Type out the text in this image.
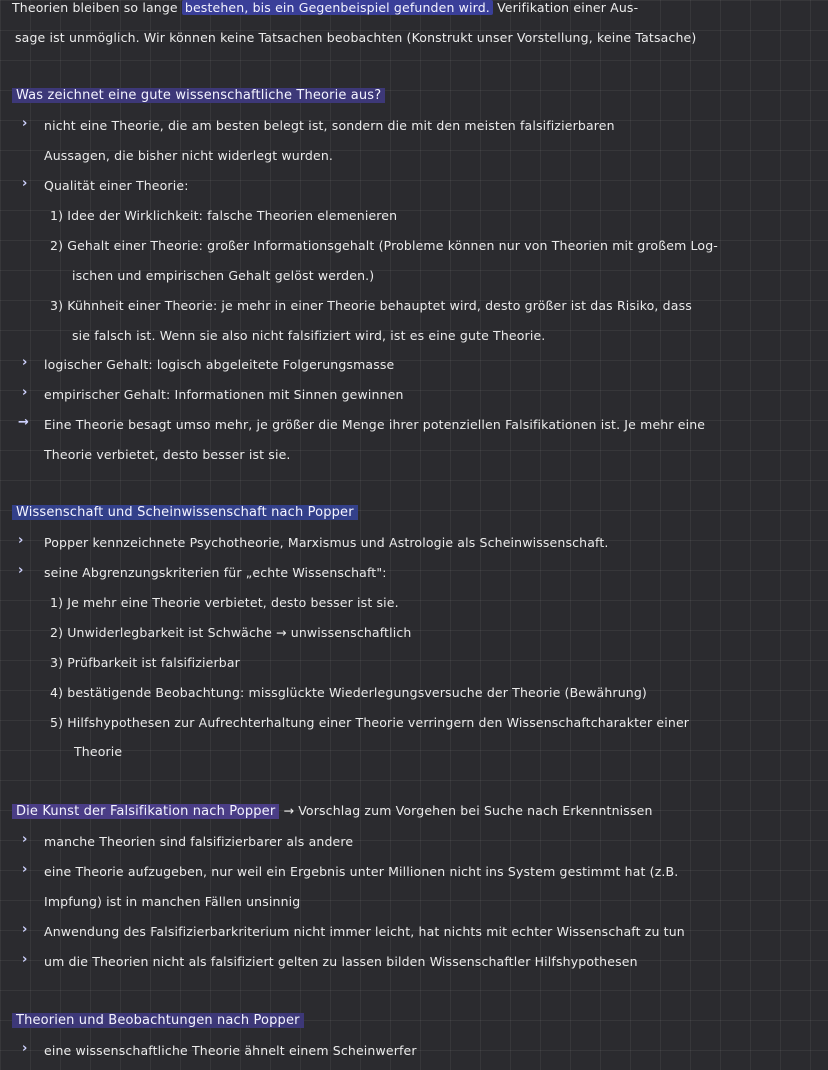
Theorien bleiben so lange bestehen, bis ein Gegenbeispiel gefunden wird. Verifikation einer Aus-
sage ist unmöglich. Wir können keine Tatsachen beobachten (Konstrukt unser Vorstellung, keine Tatsache)
Was zeichnet eine gute wissenschaftliche Theorie aus?
› nicht eine Theorie, die am besten belegt ist, sondern die mit den meisten falsifizierbaren
Aussagen, die bisher nicht widerlegt wurden.
› Qualität einer Theorie:
1) Idee der Wirklichkeit: falsche Theorien elemenieren
2) Gehalt einer Theorie: großer Informationsgehalt (Probleme können nur von Theorien mit großem Log-
ischen und empirischen Gehalt gelöst werden.)
3) Kühnheit einer Theorie: je mehr in einer Theorie behauptet wird, desto größer ist das Risiko, dass
sie falsch ist. Wenn sie also nicht falsifiziert wird, ist es eine gute Theorie.
› logischer Gehalt: logisch abgeleitete Folgerungsmasse
› empirischer Gehalt: Informationen mit Sinnen gewinnen
→ Eine Theorie besagt umso mehr, je größer die Menge ihrer potenziellen Falsifikationen ist. Je mehr eine
Theorie verbietet, desto besser ist sie.
Wissenschaft und Scheinwissenschaft nach Popper
› Popper kennzeichnete Psychotheorie, Marxismus und Astrologie als Scheinwissenschaft.
› seine Abgrenzungskriterien für „echte Wissenschaft":
1) Je mehr eine Theorie verbietet, desto besser ist sie.
2) Unwiderlegbarkeit ist Schwäche → unwissenschaftlich
3) Prüfbarkeit ist falsifizierbar
4) bestätigende Beobachtung: missglückte Wiederlegungsversuche der Theorie (Bewährung)
5) Hilfshypothesen zur Aufrechterhaltung einer Theorie verringern den Wissenschaftcharakter einer
Theorie
Die Kunst der Falsifikation nach Popper → Vorschlag zum Vorgehen bei Suche nach Erkenntnissen
› manche Theorien sind falsifizierbarer als andere
› eine Theorie aufzugeben, nur weil ein Ergebnis unter Millionen nicht ins System gestimmt hat (z.B.
Impfung) ist in manchen Fällen unsinnig
› Anwendung des Falsifizierbarkriterium nicht immer leicht, hat nichts mit echter Wissenschaft zu tun
› um die Theorien nicht als falsifiziert gelten zu lassen bilden Wissenschaftler Hilfshypothesen
Theorien und Beobachtungen nach Popper
› eine wissenschaftliche Theorie ähnelt einem Scheinwerfer
